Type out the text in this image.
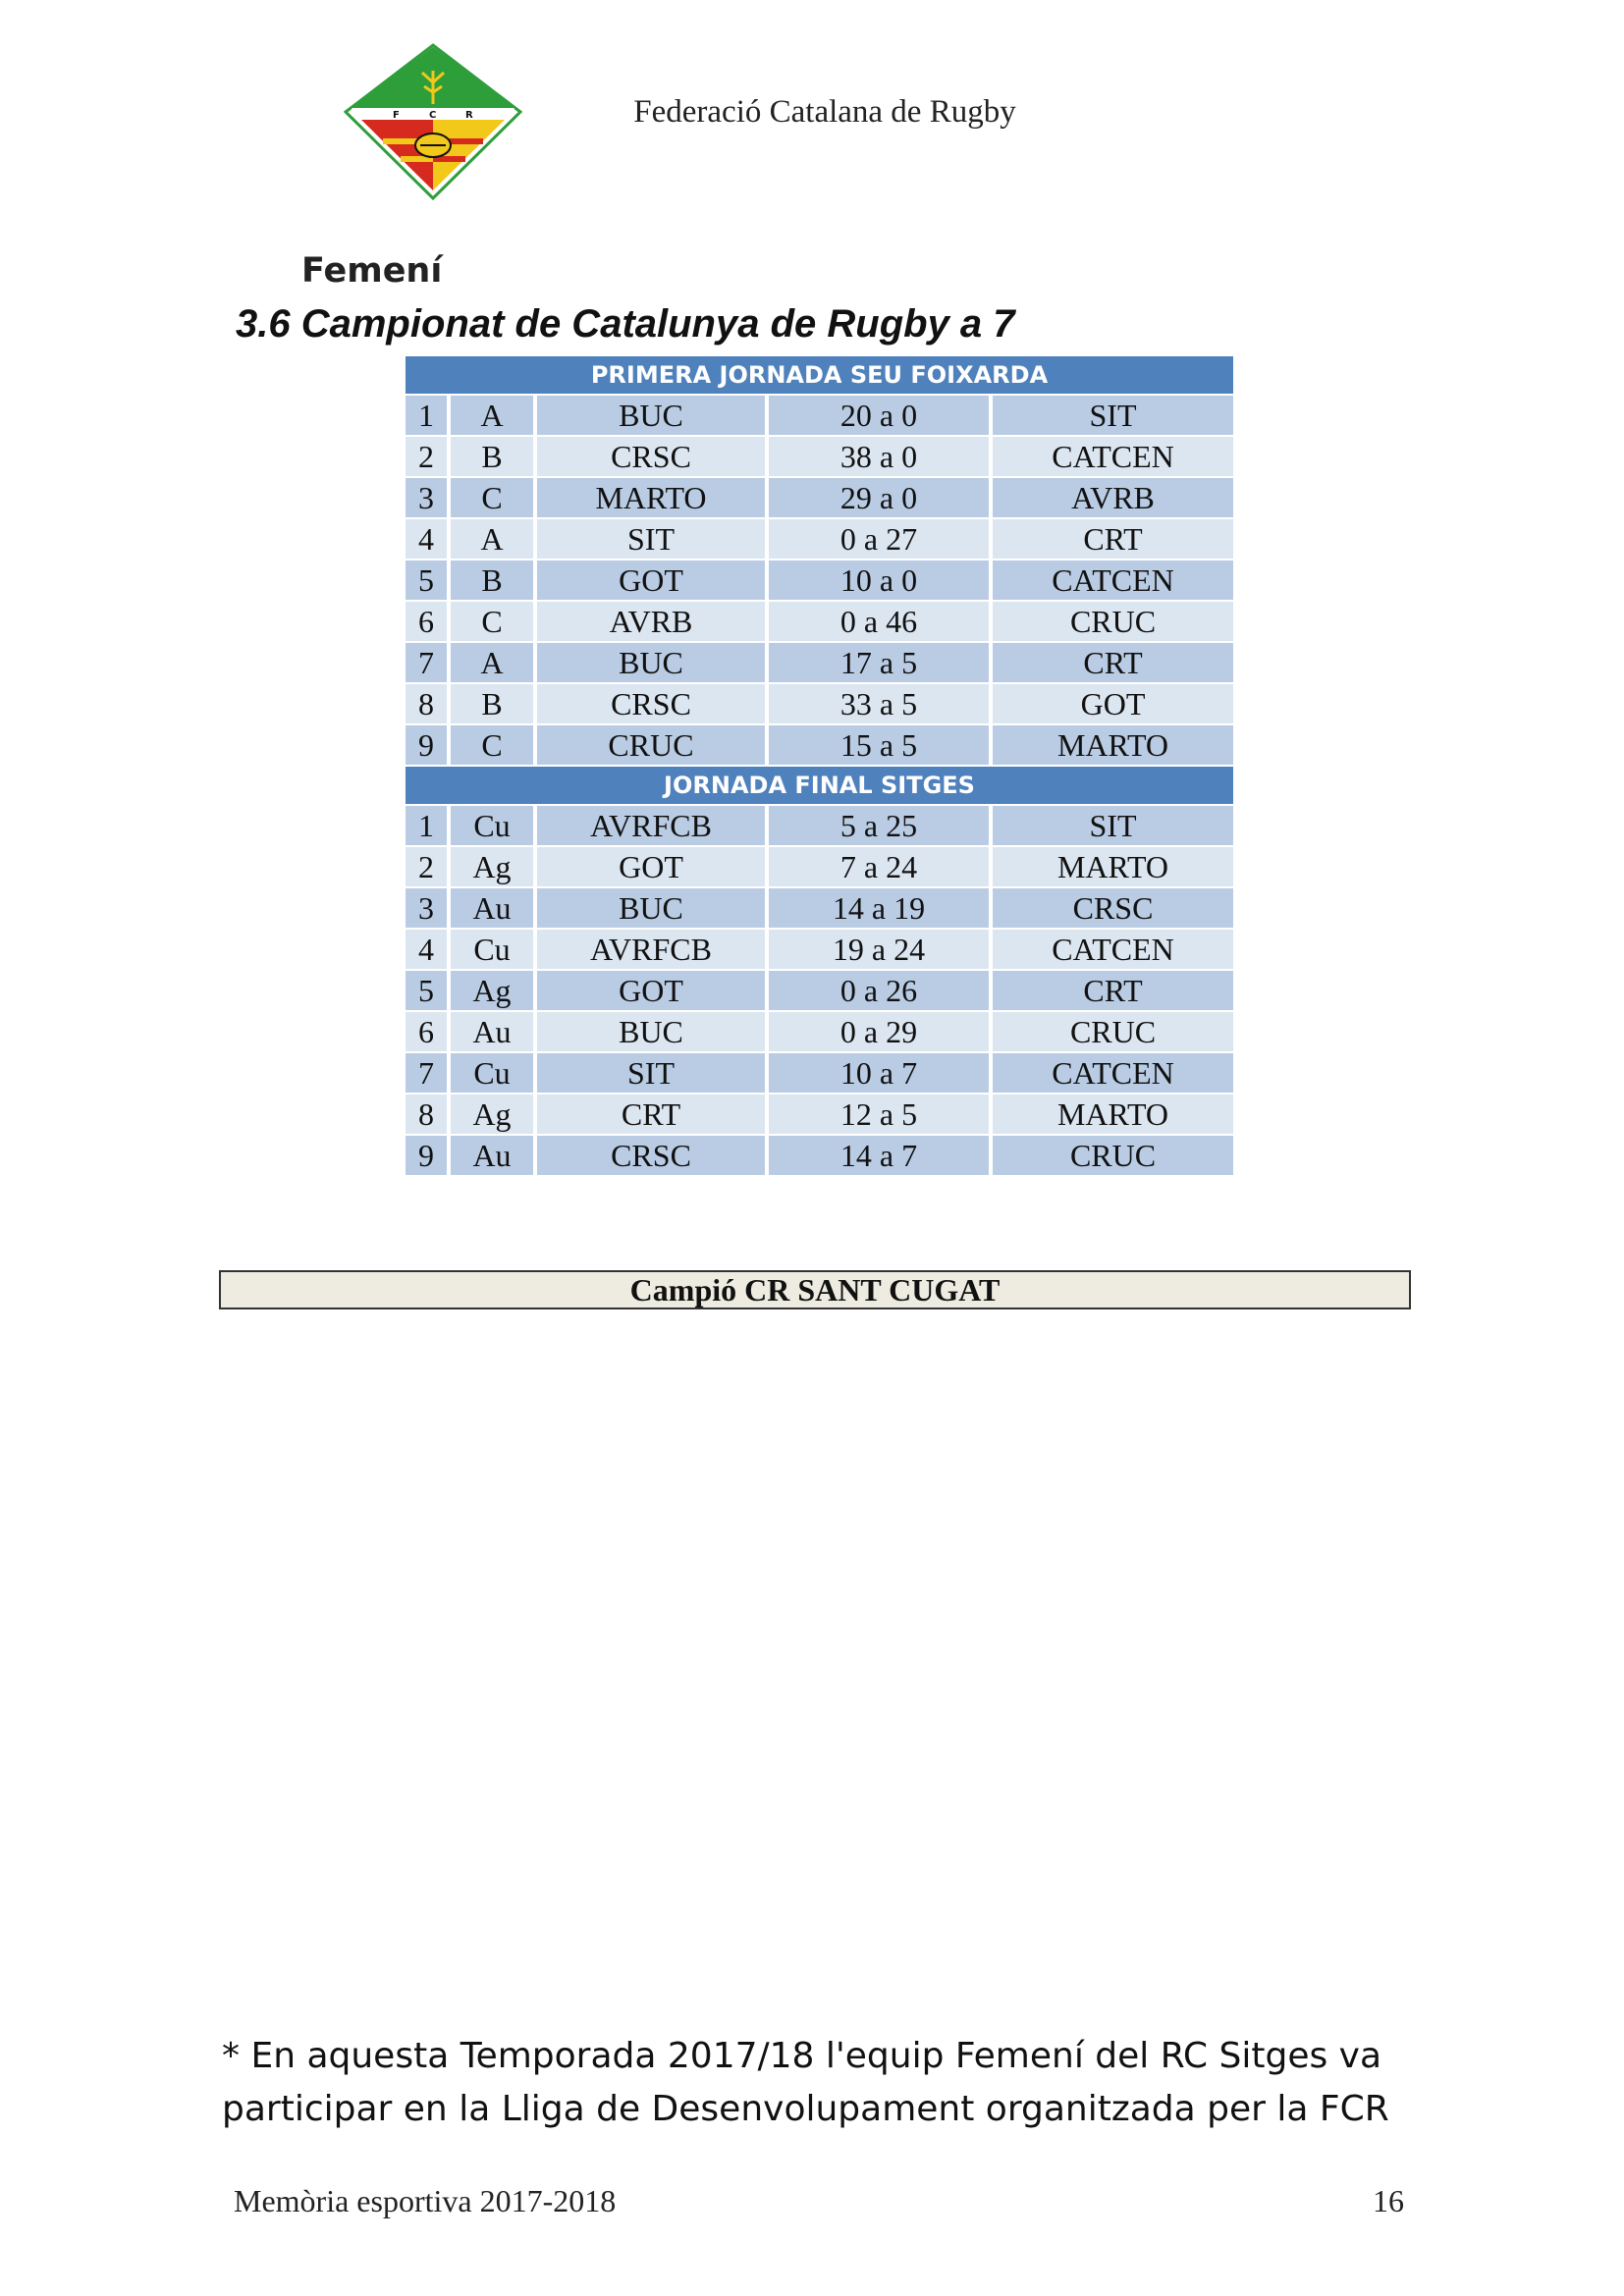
F	C	R	Federació Catalana de Rugby
Femení
3.6 Campionat de Catalunya de Rugby a 7
PRIMERA JORNADA SEU FOIXARDA				
1	A	BUC	20 a 0	SIT
2	B	CRSC	38 a 0	CATCEN
3	C	MARTO	29 a 0	AVRB
4	A	SIT	0 a 27	CRT
5	B	GOT	10 a 0	CATCEN
6	C	AVRB	0 a 46	CRUC
7	A	BUC	17 a 5	CRT
8	B	CRSC	33 a 5	GOT
9	C	CRUC	15 a 5	MARTO
JORNADA FINAL SITGES				
1	Cu	AVRFCB	5 a 25	SIT
2	Ag	GOT	7 a 24	MARTO
3	Au	BUC	14 a 19	CRSC
4	Cu	AVRFCB	19 a 24	CATCEN
5	Ag	GOT	0 a 26	CRT
6	Au	BUC	0 a 29	CRUC
7	Cu	SIT	10 a 7	CATCEN
8	Ag	CRT	12 a 5	MARTO
9	Au	CRSC	14 a 7	CRUC
Campió CR SANT CUGAT
* En aquesta Temporada 2017/18 l'equip Femení del RC Sitges va participar en la Lliga de Desenvolupament organitzada per la FCR
Memòria esportiva 2017-2018	16
